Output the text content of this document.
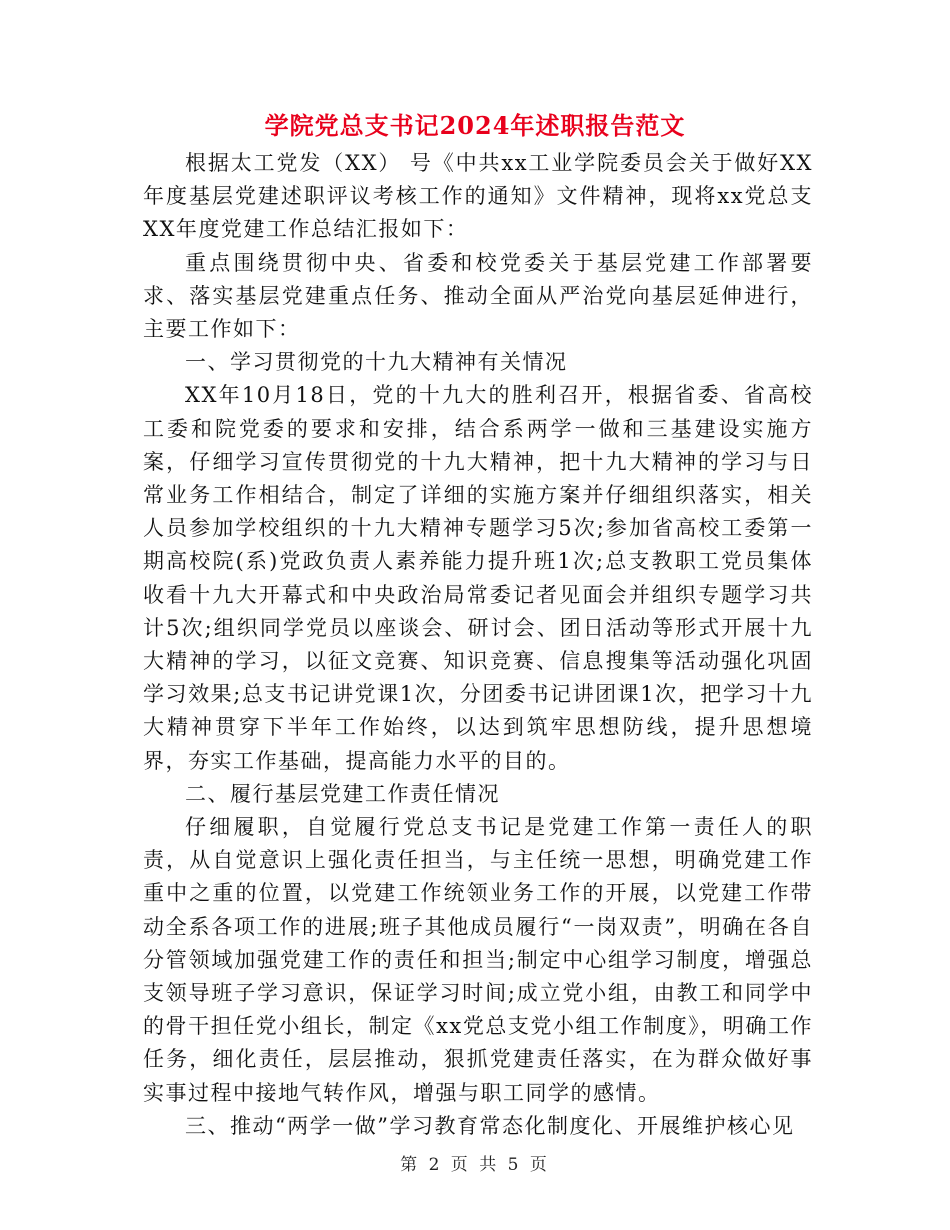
学院党总支书记2024年述职报告范文

根据太工党发（XX） 号《中共xx工业学院委员会关于做好XX年度基层党建述职评议考核工作的通知》文件精神，现将xx党总支XX年度党建工作总结汇报如下：

重点围绕贯彻中央、省委和校党委关于基层党建工作部署要求、落实基层党建重点任务、推动全面从严治党向基层延伸进行，主要工作如下：

一、学习贯彻党的十九大精神有关情况

XX年10月18日，党的十九大的胜利召开，根据省委、省高校工委和院党委的要求和安排，结合系两学一做和三基建设实施方案，仔细学习宣传贯彻党的十九大精神，把十九大精神的学习与日常业务工作相结合，制定了详细的实施方案并仔细组织落实，相关人员参加学校组织的十九大精神专题学习5次;参加省高校工委第一期高校院(系)党政负责人素养能力提升班1次;总支教职工党员集体收看十九大开幕式和中央政治局常委记者见面会并组织专题学习共计5次;组织同学党员以座谈会、研讨会、团日活动等形式开展十九大精神的学习，以征文竞赛、知识竞赛、信息搜集等活动强化巩固学习效果;总支书记讲党课1次，分团委书记讲团课1次，把学习十九大精神贯穿下半年工作始终，以达到筑牢思想防线，提升思想境界，夯实工作基础，提高能力水平的目的。

二、履行基层党建工作责任情况

仔细履职，自觉履行党总支书记是党建工作第一责任人的职责，从自觉意识上强化责任担当，与主任统一思想，明确党建工作重中之重的位置，以党建工作统领业务工作的开展，以党建工作带动全系各项工作的进展;班子其他成员履行“一岗双责”，明确在各自分管领域加强党建工作的责任和担当;制定中心组学习制度，增强总支领导班子学习意识，保证学习时间;成立党小组，由教工和同学中的骨干担任党小组长，制定《xx党总支党小组工作制度》，明确工作任务，细化责任，层层推动，狠抓党建责任落实，在为群众做好事实事过程中接地气转作风，增强与职工同学的感情。

三、推动“两学一做”学习教育常态化制度化、开展维护核心见

第 2 页 共 5 页
